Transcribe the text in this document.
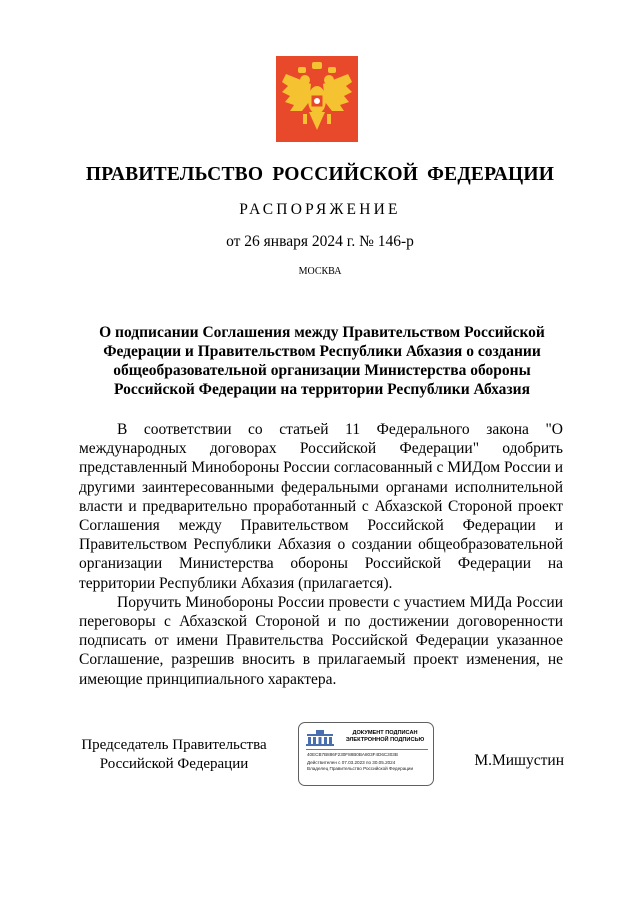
ПРАВИТЕЛЬСТВО РОССИЙСКОЙ ФЕДЕРАЦИИ
РАСПОРЯЖЕНИЕ
от 26 января 2024 г. № 146-р
МОСКВА
О подписании Соглашения между Правительством Российской Федерации и Правительством Республики Абхазия о создании общеобразовательной организации Министерства обороны Российской Федерации на территории Республики Абхазия

В соответствии со статьей 11 Федерального закона "О международных договорах Российской Федерации" одобрить представленный Минобороны России согласованный с МИДом России и другими заинтересованными федеральными органами исполнительной власти и предварительно проработанный с Абхазской Стороной проект Соглашения между Правительством Российской Федерации и Правительством Республики Абхазия о создании общеобразовательной организации Министерства обороны Российской Федерации на территории Республики Абхазия (прилагается).

Поручить Минобороны России провести с участием МИДа России переговоры с Абхазской Стороной и по достижении договоренности подписать от имени Правительства Российской Федерации указанное Соглашение, разрешив вносить в прилагаемый проект изменения, не имеющие принципиального характера.

Председатель Правительства
Российской Федерации
ДОКУМЕНТ ПОДПИСАН
ЭЛЕКТРОННОЙ ПОДПИСЬЮ
40ECB7B886F230F88B0BA803F4D6C303B
Действителен с 07.03.2023 по 30.05.2024
Владелец Правительство Российской Федерации	М.Мишустин
